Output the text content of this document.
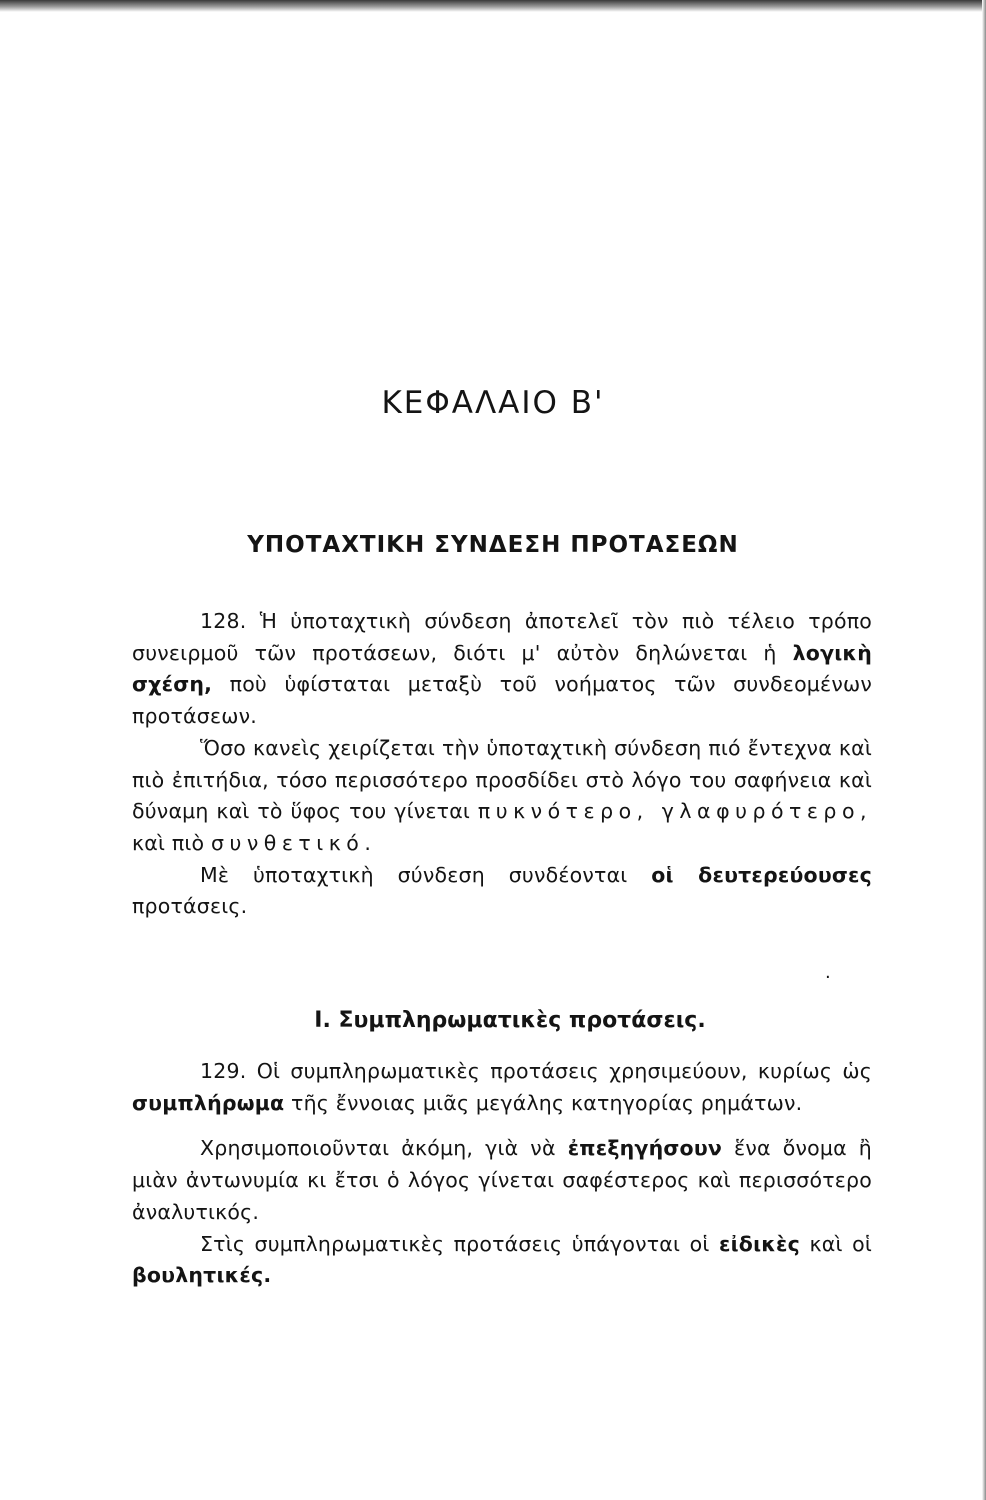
ΚΕΦΑΛΑΙΟ Β'
ΥΠΟΤΑΧΤΙΚΗ ΣΥΝΔΕΣΗ ΠΡΟΤΑΣΕΩΝ

128. Ἡ ὑποταχτικὴ σύνδεση ἀποτελεῖ τὸν πιὸ τέλειο τρόπο συνειρμοῦ τῶν προτάσεων, διότι μ' αὐτὸν δηλώνεται ἡ λογικὴ σχέση, ποὺ ὑφίσταται μεταξὺ τοῦ νοήματος τῶν συνδεομένων προτάσεων.

Ὅσο κανεὶς χειρίζεται τὴν ὑποταχτικὴ σύνδεση πιό ἔντεχνα καὶ πιὸ ἐπιτήδια, τόσο περισσότερο προσδίδει στὸ λόγο του σαφήνεια καὶ δύναμη καὶ τὸ ὕφος του γίνεται πυκνότερο, γλαφυρότερο, καὶ πιὸ συνθετικό.

Μὲ ὑποταχτικὴ σύνδεση συνδέονται οἱ δευτερεύουσες προτάσεις.

.
Ι. Συμπληρωματικὲς προτάσεις.

129. Οἱ συμπληρωματικὲς προτάσεις χρησιμεύουν, κυρίως ὡς συμπλήρωμα τῆς ἔννοιας μιᾶς μεγάλης κατηγορίας ρημάτων.

Χρησιμοποιοῦνται ἀκόμη, γιὰ νὰ ἐπεξηγήσουν ἕνα ὄνομα ἢ μιὰν ἀντωνυμία κι ἔτσι ὁ λόγος γίνεται σαφέστερος καὶ περισσότερο ἀναλυτικός.

Στὶς συμπληρωματικὲς προτάσεις ὑπάγονται οἱ εἰδικὲς καὶ οἱ βουλητικές.
